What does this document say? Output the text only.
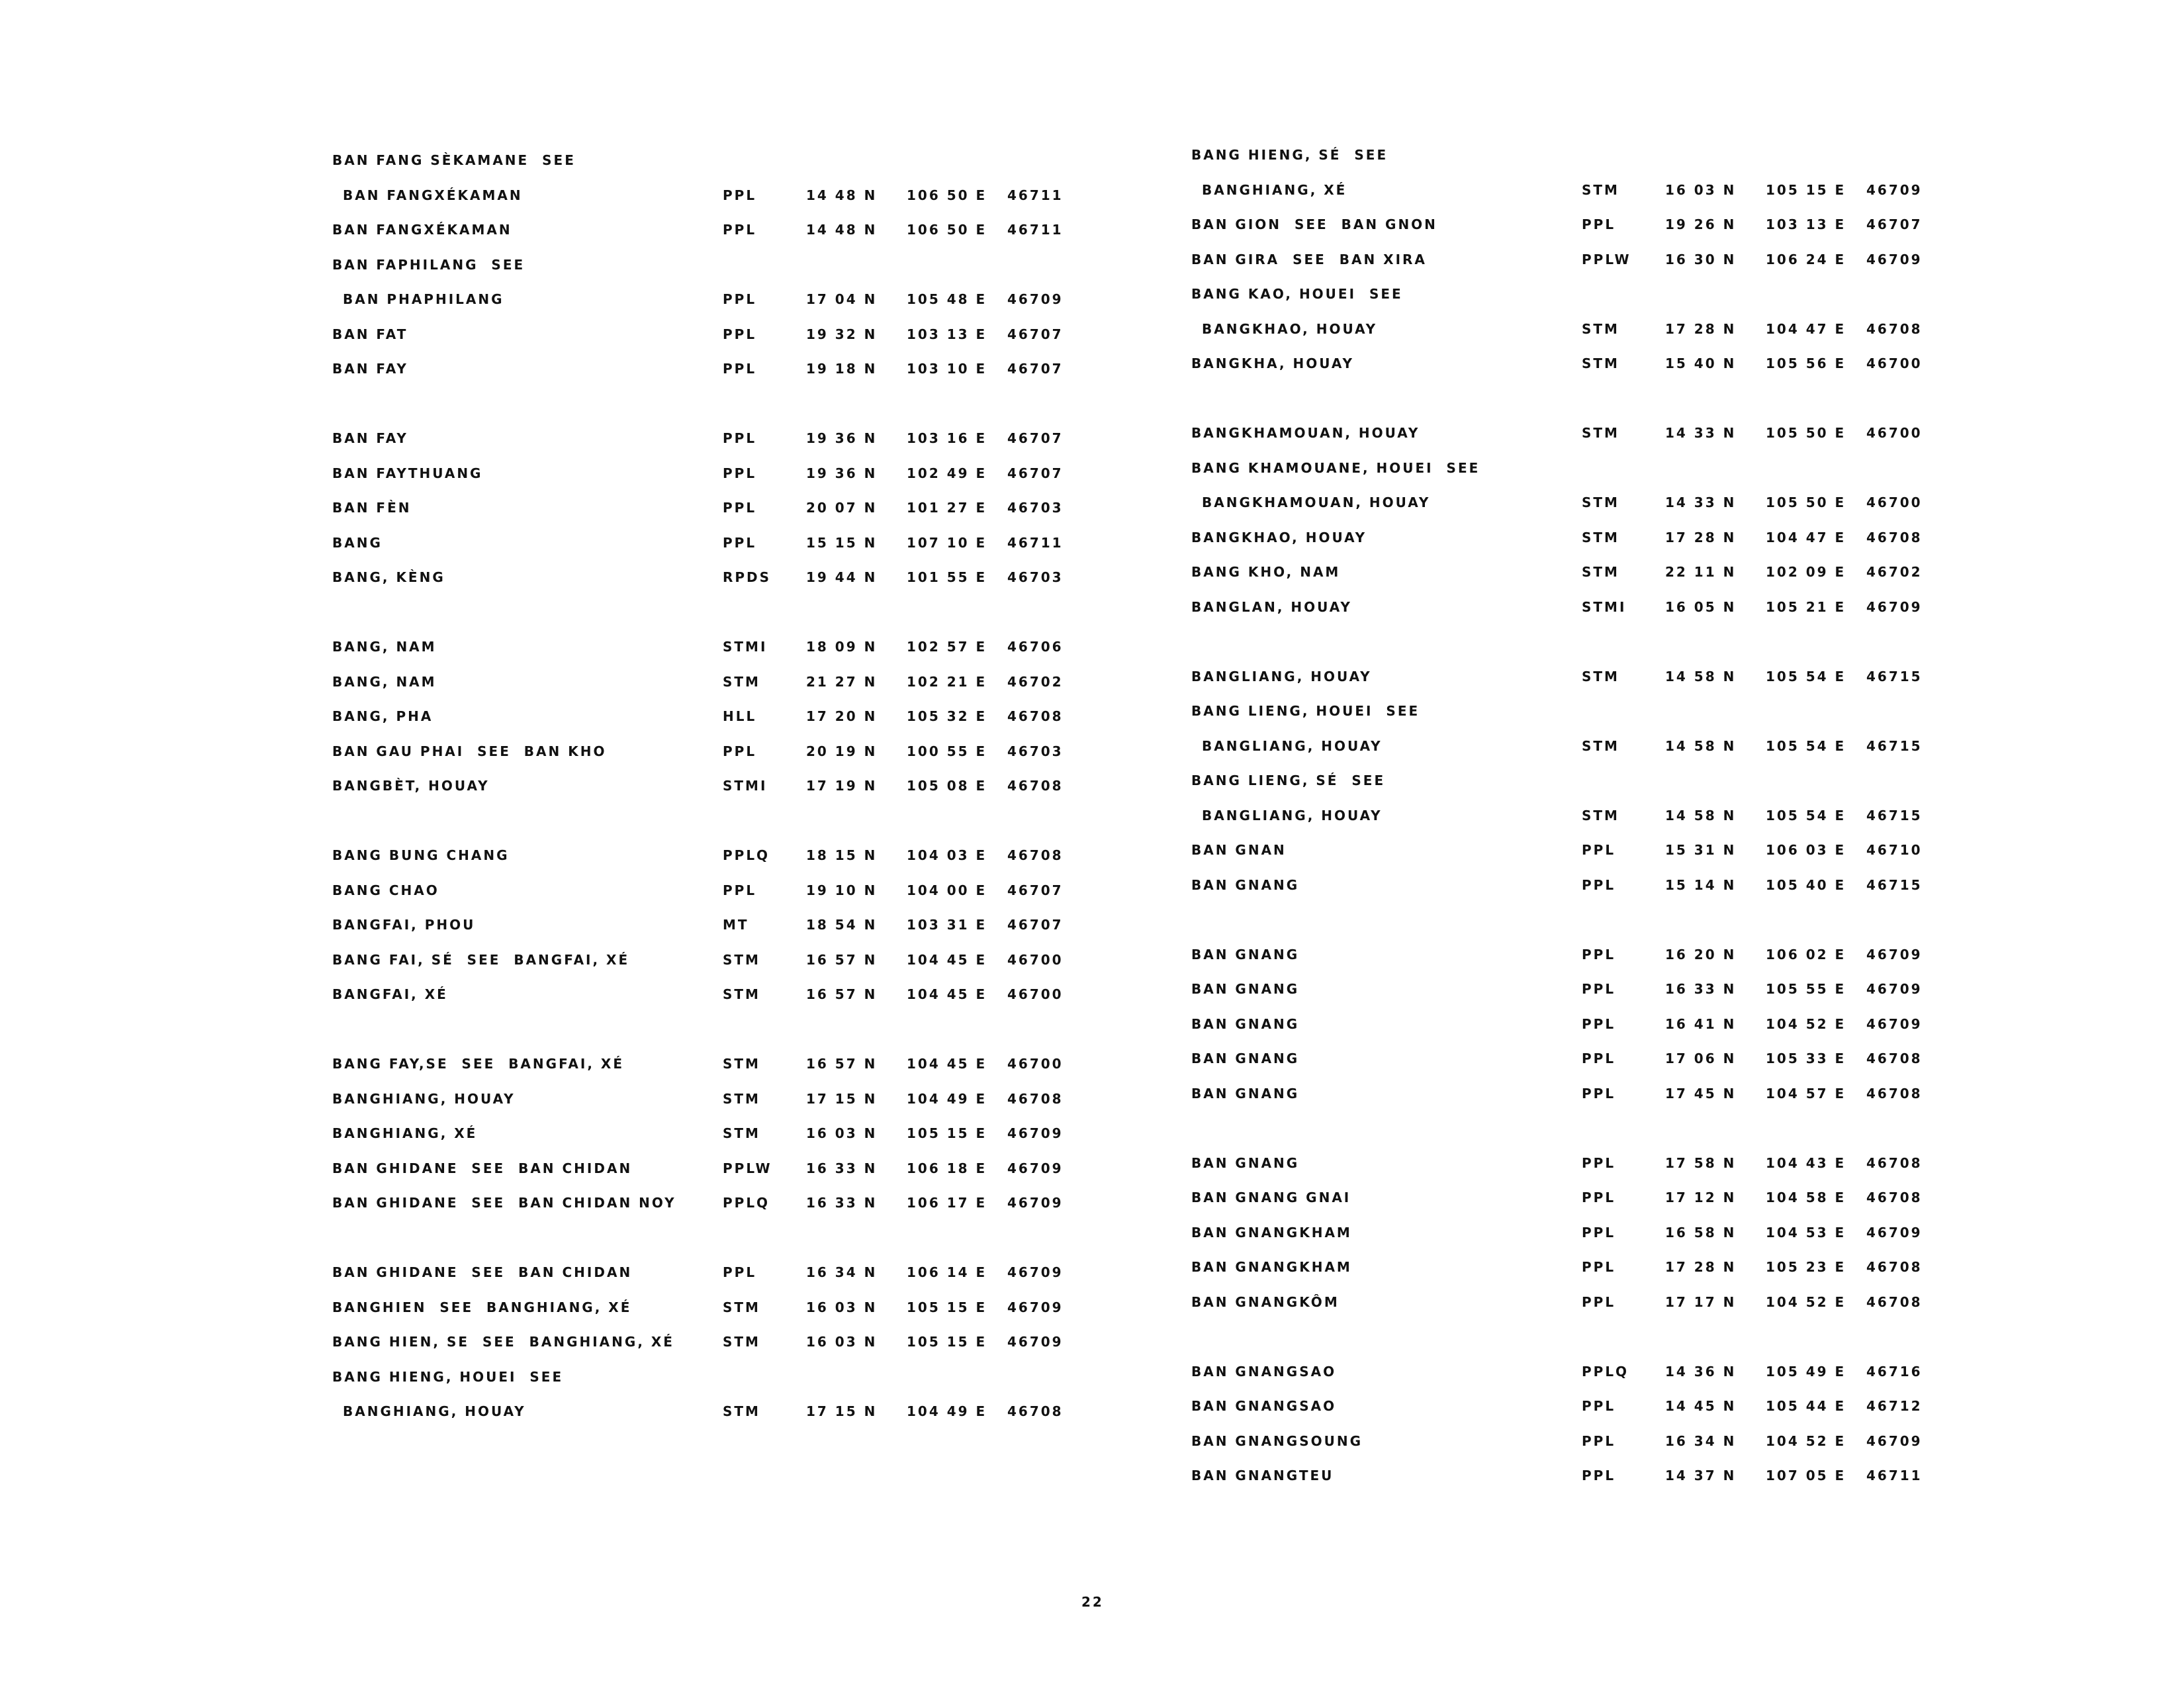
BAN FANG SÈKAMANE  SEE
BAN FANGXÉKAMAN	PPL	14 48 N 106 50 E 46711
BAN FANGXÉKAMAN	PPL	14 48 N 106 50 E 46711
BAN FAPHILANG  SEE
BAN PHAPHILANG	PPL	17 04 N 105 48 E 46709
BAN FAT	PPL	19 32 N 103 13 E 46707
BAN FAY	PPL	19 18 N 103 10 E 46707
BAN FAY	PPL	19 36 N 103 16 E 46707
BAN FAYTHUANG	PPL	19 36 N 102 49 E 46707
BAN FÈN	PPL	20 07 N 101 27 E 46703
BANG	PPL	15 15 N 107 10 E 46711
BANG, KÈNG	RPDS	19 44 N 101 55 E 46703
BANG, NAM	STMI	18 09 N 102 57 E 46706
BANG, NAM	STM	21 27 N 102 21 E 46702
BANG, PHA	HLL	17 20 N 105 32 E 46708
BAN GAU PHAI  SEE  BAN KHO	PPL	20 19 N 100 55 E 46703
BANGBÈT, HOUAY	STMI	17 19 N 105 08 E 46708
BANG BUNG CHANG	PPLQ	18 15 N 104 03 E 46708
BANG CHAO	PPL	19 10 N 104 00 E 46707
BANGFAI, PHOU	MT	18 54 N 103 31 E 46707
BANG FAI, SÉ  SEE  BANGFAI, XÉ	STM	16 57 N 104 45 E 46700
BANGFAI, XÉ	STM	16 57 N 104 45 E 46700
BANG FAY,SE  SEE  BANGFAI, XÉ	STM	16 57 N 104 45 E 46700
BANGHIANG, HOUAY	STM	17 15 N 104 49 E 46708
BANGHIANG, XÉ	STM	16 03 N 105 15 E 46709
BAN GHIDANE  SEE  BAN CHIDAN	PPLW	16 33 N 106 18 E 46709
BAN GHIDANE  SEE  BAN CHIDAN NOY	PPLQ	16 33 N 106 17 E 46709
BAN GHIDANE  SEE  BAN CHIDAN	PPL	16 34 N 106 14 E 46709
BANGHIEN  SEE  BANGHIANG, XÉ	STM	16 03 N 105 15 E 46709
BANG HIEN, SE  SEE  BANGHIANG, XÉ	STM	16 03 N 105 15 E 46709
BANG HIENG, HOUEI  SEE
BANGHIANG, HOUAY	STM	17 15 N 104 49 E 46708
BANG HIENG, SÉ  SEE
BANGHIANG, XÉ	STM	16 03 N 105 15 E 46709
BAN GION  SEE  BAN GNON	PPL	19 26 N 103 13 E 46707
BAN GIRA  SEE  BAN XIRA	PPLW	16 30 N 106 24 E 46709
BANG KAO, HOUEI  SEE
BANGKHAO, HOUAY	STM	17 28 N 104 47 E 46708
BANGKHA, HOUAY	STM	15 40 N 105 56 E 46700
BANGKHAMOUAN, HOUAY	STM	14 33 N 105 50 E 46700
BANG KHAMOUANE, HOUEI  SEE
BANGKHAMOUAN, HOUAY	STM	14 33 N 105 50 E 46700
BANGKHAO, HOUAY	STM	17 28 N 104 47 E 46708
BANG KHO, NAM	STM	22 11 N 102 09 E 46702
BANGLAN, HOUAY	STMI	16 05 N 105 21 E 46709
BANGLIANG, HOUAY	STM	14 58 N 105 54 E 46715
BANG LIENG, HOUEI  SEE
BANGLIANG, HOUAY	STM	14 58 N 105 54 E 46715
BANG LIENG, SÉ  SEE
BANGLIANG, HOUAY	STM	14 58 N 105 54 E 46715
BAN GNAN	PPL	15 31 N 106 03 E 46710
BAN GNANG	PPL	15 14 N 105 40 E 46715
BAN GNANG	PPL	16 20 N 106 02 E 46709
BAN GNANG	PPL	16 33 N 105 55 E 46709
BAN GNANG	PPL	16 41 N 104 52 E 46709
BAN GNANG	PPL	17 06 N 105 33 E 46708
BAN GNANG	PPL	17 45 N 104 57 E 46708
BAN GNANG	PPL	17 58 N 104 43 E 46708
BAN GNANG GNAI	PPL	17 12 N 104 58 E 46708
BAN GNANGKHAM	PPL	16 58 N 104 53 E 46709
BAN GNANGKHAM	PPL	17 28 N 105 23 E 46708
BAN GNANGKÔM	PPL	17 17 N 104 52 E 46708
BAN GNANGSAO	PPLQ	14 36 N 105 49 E 46716
BAN GNANGSAO	PPL	14 45 N 105 44 E 46712
BAN GNANGSOUNG	PPL	16 34 N 104 52 E 46709
BAN GNANGTEU	PPL	14 37 N 107 05 E 46711
22
